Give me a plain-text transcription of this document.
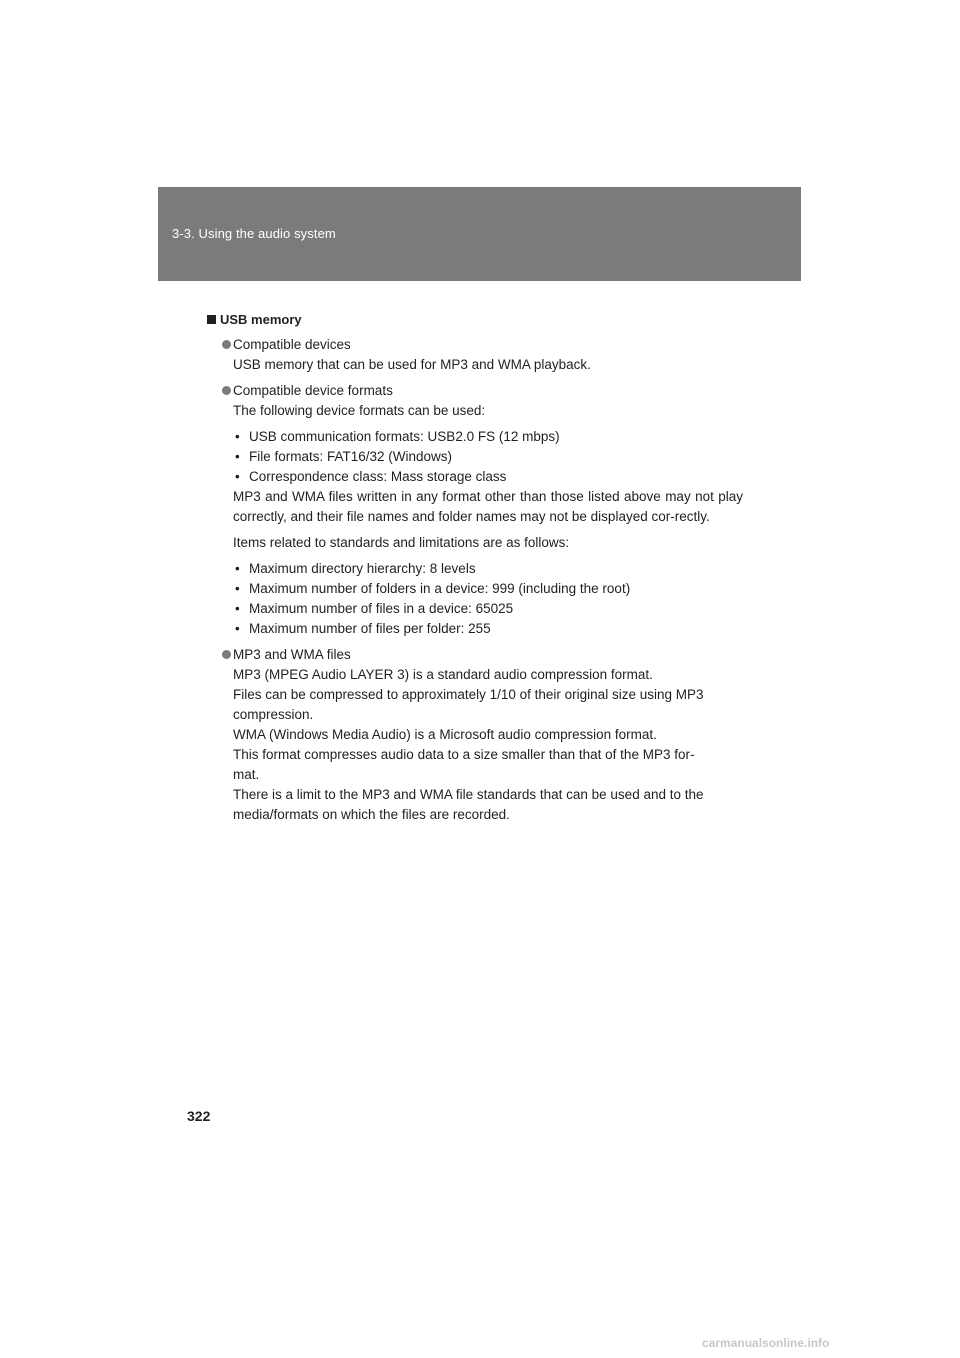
3-3. Using the audio system
USB memory
Compatible devices
USB memory that can be used for MP3 and WMA playback.
Compatible device formats
The following device formats can be used:
• USB communication formats: USB2.0 FS (12 mbps)
• File formats: FAT16/32 (Windows)
• Correspondence class: Mass storage class
MP3 and WMA files written in any format other than those listed above may not play correctly, and their file names and folder names may not be displayed cor-rectly.
Items related to standards and limitations are as follows:
• Maximum directory hierarchy: 8 levels
• Maximum number of folders in a device: 999 (including the root)
• Maximum number of files in a device: 65025
• Maximum number of files per folder: 255
MP3 and WMA files
MP3 (MPEG Audio LAYER 3) is a standard audio compression format.
Files can be compressed to approximately 1/10 of their original size using MP3
compression.
WMA (Windows Media Audio) is a Microsoft audio compression format.
This format compresses audio data to a size smaller than that of the MP3 for-
mat.
There is a limit to the MP3 and WMA file standards that can be used and to the
media/formats on which the files are recorded.
322
carmanualsonline.info
